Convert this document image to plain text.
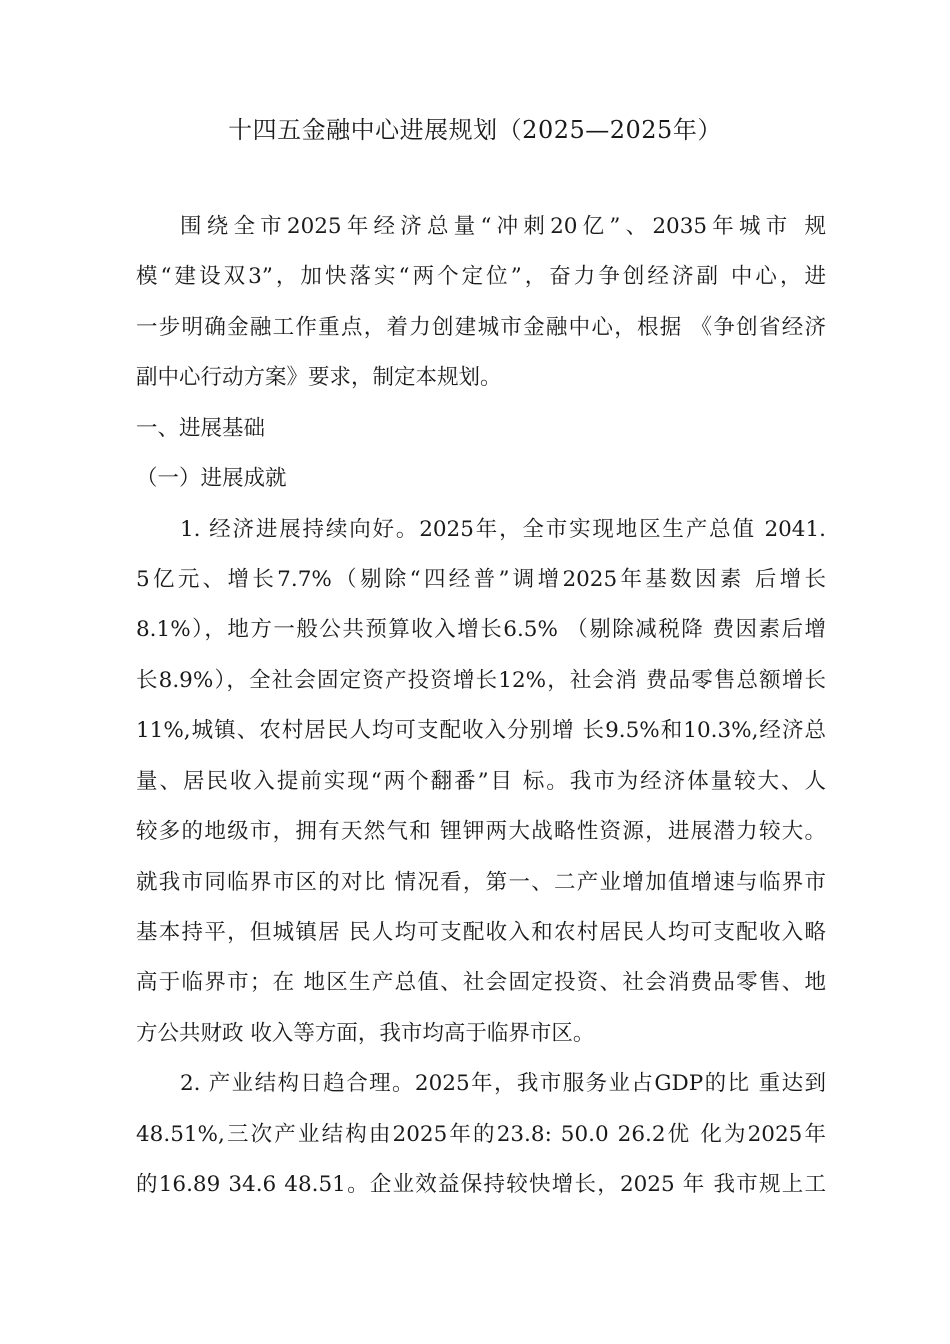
十四五金融中心进展规划（2025—2025年）
围绕全市2025年经济总量“冲刺20亿”、2035年城市 规
模“建设双3”，加快落实“两个定位”，奋力争创经济副 中心，进
一步明确金融工作重点，着力创建城市金融中心，根据 《争创省经济
副中心行动方案》要求，制定本规划。
一、进展基础
（一）进展成就
1. 经济进展持续向好。2025年，全市实现地区生产总值 2041.
5亿元、增长7.7%（剔除“四经普”调增2025年基数因素 后增长
8.1%），地方一般公共预算收入增长6.5% （剔除减税降 费因素后增
长8.9%），全社会固定资产投资增长12%，社会消 费品零售总额增长
11%,城镇、农村居民人均可支配收入分别增 长9.5%和10.3%,经济总
量、居民收入提前实现“两个翻番”目 标。我市为经济体量较大、人
较多的地级市，拥有天然气和 锂钾两大战略性资源，进展潜力较大。
就我市同临界市区的对比 情况看，第一、二产业增加值增速与临界市
基本持平，但城镇居 民人均可支配收入和农村居民人均可支配收入略
高于临界市；在 地区生产总值、社会固定投资、社会消费品零售、地
方公共财政 收入等方面，我市均高于临界市区。
2. 产业结构日趋合理。2025年，我市服务业占GDP的比 重达到
48.51%,三次产业结构由2025年的23.8: 50.0 26.2优 化为2025年
的16.89 34.6 48.51。企业效益保持较快增长，2025 年 我市规上工
